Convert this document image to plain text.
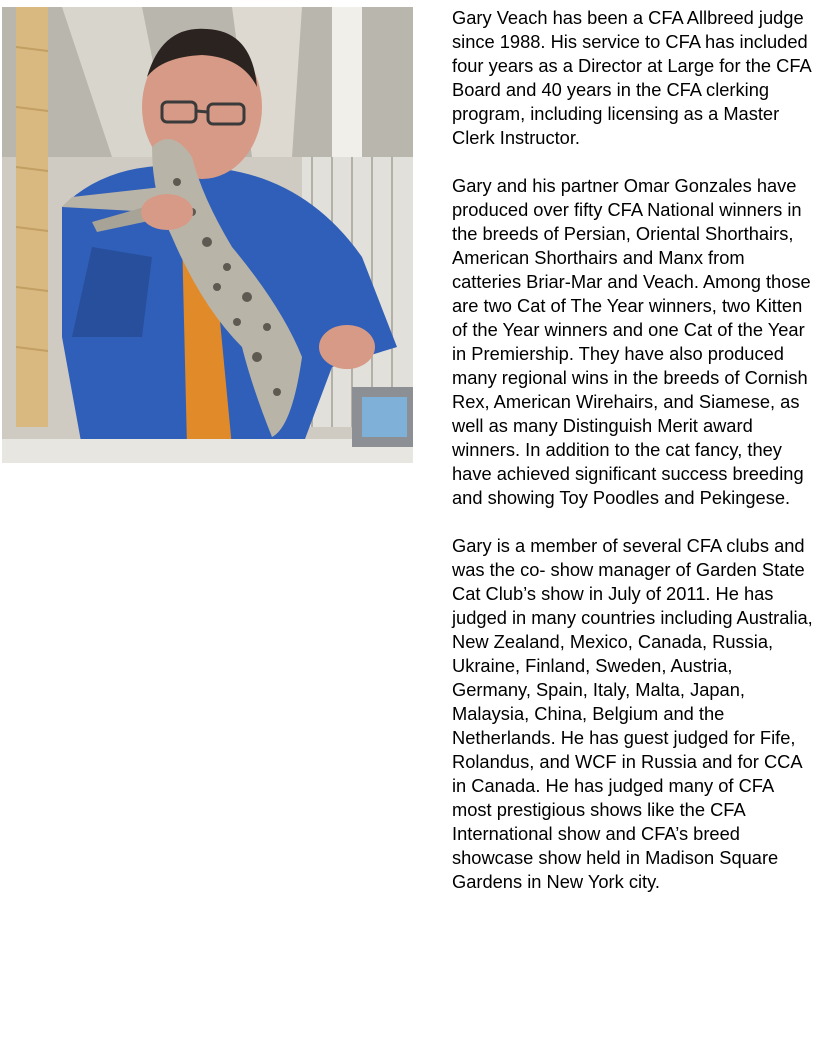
Gary Veach has been a CFA Allbreed judge since 1988. His service to CFA has included four years as a Director at Large for the CFA Board and 40 years in the CFA clerking program, including licensing as a Master Clerk Instructor.

Gary and his partner Omar Gonzales have produced over fifty CFA National winners in the breeds of Persian, Oriental Shorthairs, American Shorthairs and Manx from catteries Briar-Mar and Veach. Among those are two Cat of The Year winners, two Kitten of the Year winners and one Cat of the Year in Premiership. They have also produced many regional wins in the breeds of Cornish Rex, American Wirehairs, and Siamese, as well as many Distinguish Merit award winners. In addition to the cat fancy, they have achieved significant success breeding and showing Toy Poodles and Pekingese.

Gary is a member of several CFA clubs and was the co- show manager of Garden State Cat Club’s show in July of 2011. He has judged in many countries including Australia, New Zealand, Mexico, Canada, Russia, Ukraine, Finland, Sweden, Austria, Germany, Spain, Italy, Malta, Japan, Malaysia, China, Belgium and the Netherlands. He has guest judged for Fife, Rolandus, and WCF in Russia and for CCA in Canada. He has judged many of CFA most prestigious shows like the CFA International show and CFA’s breed showcase show held in Madison Square Gardens in New York city.
